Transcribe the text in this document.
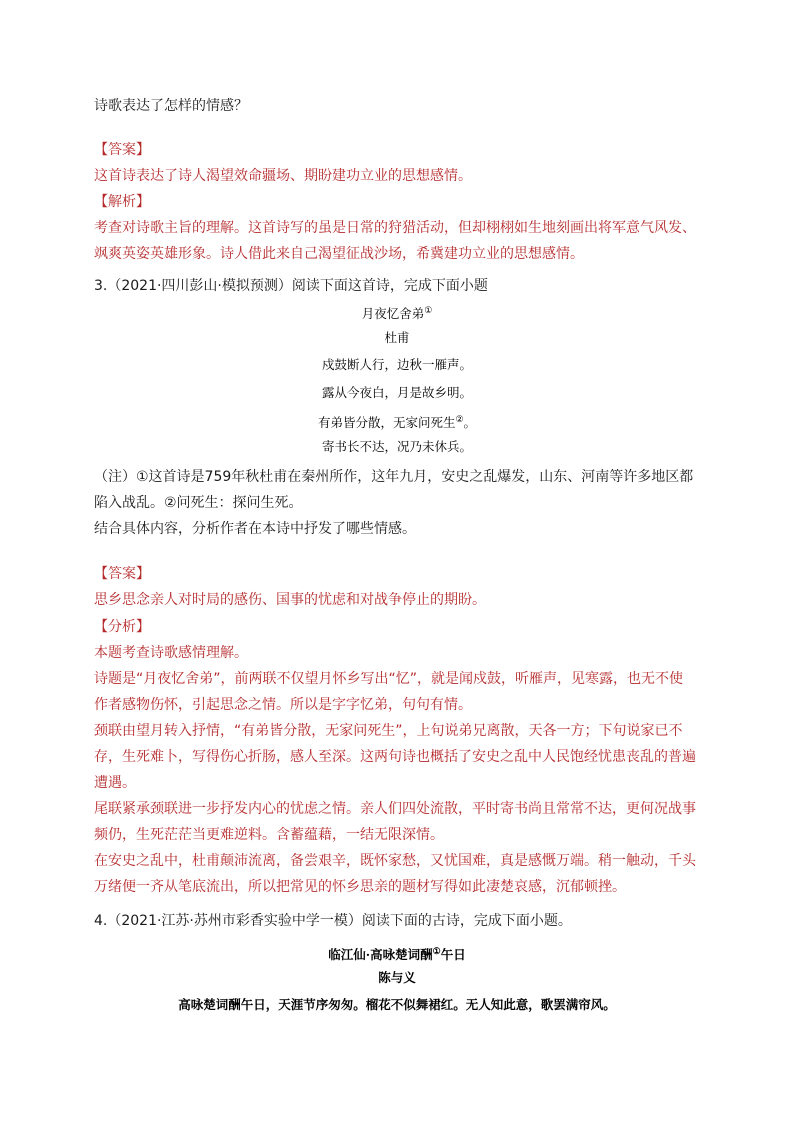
诗歌表达了怎样的情感？
【答案】
这首诗表达了诗人渴望效命疆场、期盼建功立业的思想感情。
【解析】
考查对诗歌主旨的理解。这首诗写的虽是日常的狩猎活动，但却栩栩如生地刻画出将军意气风发、
飒爽英姿英雄形象。诗人借此来自己渴望征战沙场，希冀建功立业的思想感情。
3.（2021·四川彭山·模拟预测）阅读下面这首诗，完成下面小题
月夜忆舍弟①
杜甫
戍鼓断人行，边秋一雁声。
露从今夜白，月是故乡明。
有弟皆分散，无家问死生②。
寄书长不达，况乃未休兵。
（注）①这首诗是759年秋杜甫在秦州所作，这年九月，安史之乱爆发，山东、河南等许多地区都
陷入战乱。②问死生：探问生死。
结合具体内容，分析作者在本诗中抒发了哪些情感。
【答案】
思乡思念亲人对时局的感伤、国事的忧虑和对战争停止的期盼。
【分析】
本题考查诗歌感情理解。
诗题是“月夜忆舍弟”，前两联不仅望月怀乡写出“忆”，就是闻戍鼓，听雁声，见寒露，也无不使
作者感物伤怀，引起思念之情。所以是字字忆弟，句句有情。
颈联由望月转入抒情，“有弟皆分散，无家问死生”，上句说弟兄离散，天各一方；下句说家已不
存，生死难卜，写得伤心折肠，感人至深。这两句诗也概括了安史之乱中人民饱经忧患丧乱的普遍
遭遇。
尾联紧承颈联进一步抒发内心的忧虑之情。亲人们四处流散，平时寄书尚且常常不达，更何况战事
频仍，生死茫茫当更难逆料。含蓄蕴藉，一结无限深情。
在安史之乱中，杜甫颠沛流离，备尝艰辛，既怀家愁，又忧国难，真是感慨万端。稍一触动，千头
万绪便一齐从笔底流出，所以把常见的怀乡思亲的题材写得如此凄楚哀感，沉郁顿挫。
4.（2021·江苏·苏州市彩香实验中学一模）阅读下面的古诗，完成下面小题。
临江仙·高咏楚词酬①午日
陈与义
高咏楚词酬午日，天涯节序匆匆。榴花不似舞裙红。无人知此意，歌罢满帘风。
